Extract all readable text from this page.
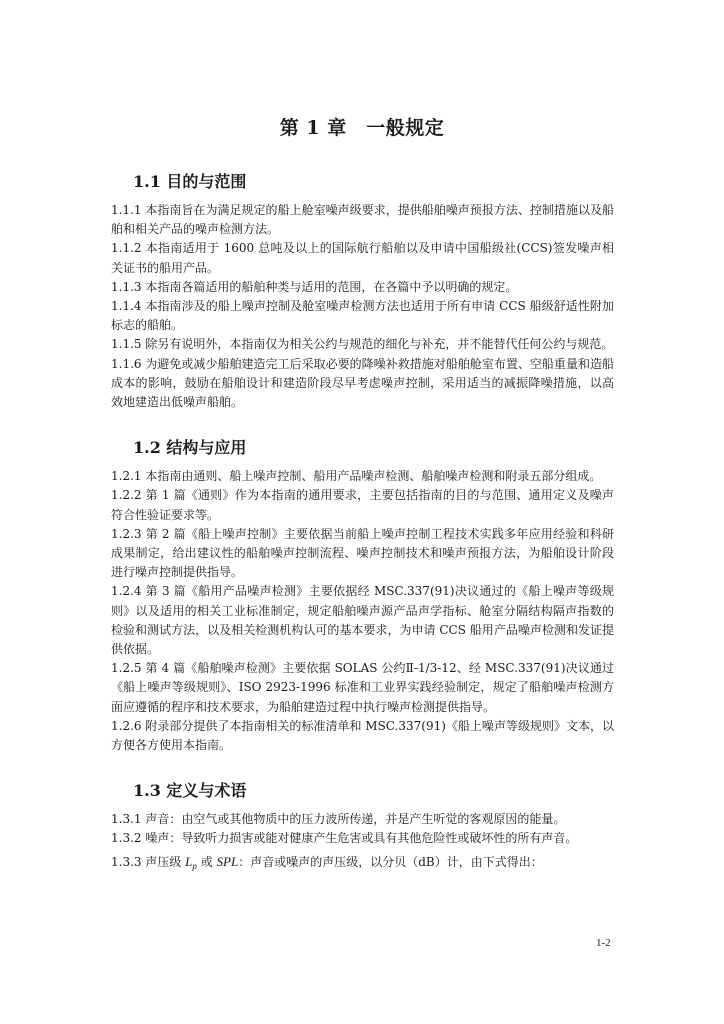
第 1 章　一般规定
1.1 目的与范围

1.1.1 本指南旨在为满足规定的船上舱室噪声级要求，提供船舶噪声预报方法、控制措施以及船舶和相关产品的噪声检测方法。

1.1.2 本指南适用于 1600 总吨及以上的国际航行船舶以及申请中国船级社(CCS)签发噪声相关证书的船用产品。

1.1.3 本指南各篇适用的船舶种类与适用的范围，在各篇中予以明确的规定。

1.1.4 本指南涉及的船上噪声控制及舱室噪声检测方法也适用于所有申请 CCS 船级舒适性附加标志的船舶。

1.1.5 除另有说明外，本指南仅为相关公约与规范的细化与补充，并不能替代任何公约与规范。

1.1.6 为避免或减少船舶建造完工后采取必要的降噪补救措施对船舶舱室布置、空船重量和造船成本的影响，鼓励在船舶设计和建造阶段尽早考虑噪声控制，采用适当的减振降噪措施，以高效地建造出低噪声船舶。

1.2 结构与应用

1.2.1 本指南由通则、船上噪声控制、船用产品噪声检测、船舶噪声检测和附录五部分组成。

1.2.2 第 1 篇《通则》作为本指南的通用要求，主要包括指南的目的与范围、通用定义及噪声符合性验证要求等。

1.2.3 第 2 篇《船上噪声控制》主要依据当前船上噪声控制工程技术实践多年应用经验和科研成果制定，给出建议性的船舶噪声控制流程、噪声控制技术和噪声预报方法，为船舶设计阶段进行噪声控制提供指导。

1.2.4 第 3 篇《船用产品噪声检测》主要依据经 MSC.337(91)决议通过的《船上噪声等级规则》以及适用的相关工业标准制定，规定船舶噪声源产品声学指标、舱室分隔结构隔声指数的检验和测试方法，以及相关检测机构认可的基本要求，为申请 CCS 船用产品噪声检测和发证提供依据。

1.2.5 第 4 篇《船舶噪声检测》主要依据 SOLAS 公约Ⅱ-1/3-12、经 MSC.337(91)决议通过《船上噪声等级规则》、ISO 2923-1996 标准和工业界实践经验制定，规定了船舶噪声检测方面应遵循的程序和技术要求，为船舶建造过程中执行噪声检测提供指导。

1.2.6 附录部分提供了本指南相关的标准清单和 MSC.337(91)《船上噪声等级规则》文本，以方便各方使用本指南。

1.3 定义与术语

1.3.1 声音：由空气或其他物质中的压力波所传递，并是产生听觉的客观原因的能量。

1.3.2 噪声：导致听力损害或能对健康产生危害或具有其他危险性或破坏性的所有声音。

1.3.3 声压级 $L_p$ 或 SPL：声音或噪声的声压级，以分贝（dB）计，由下式得出：

1-2
